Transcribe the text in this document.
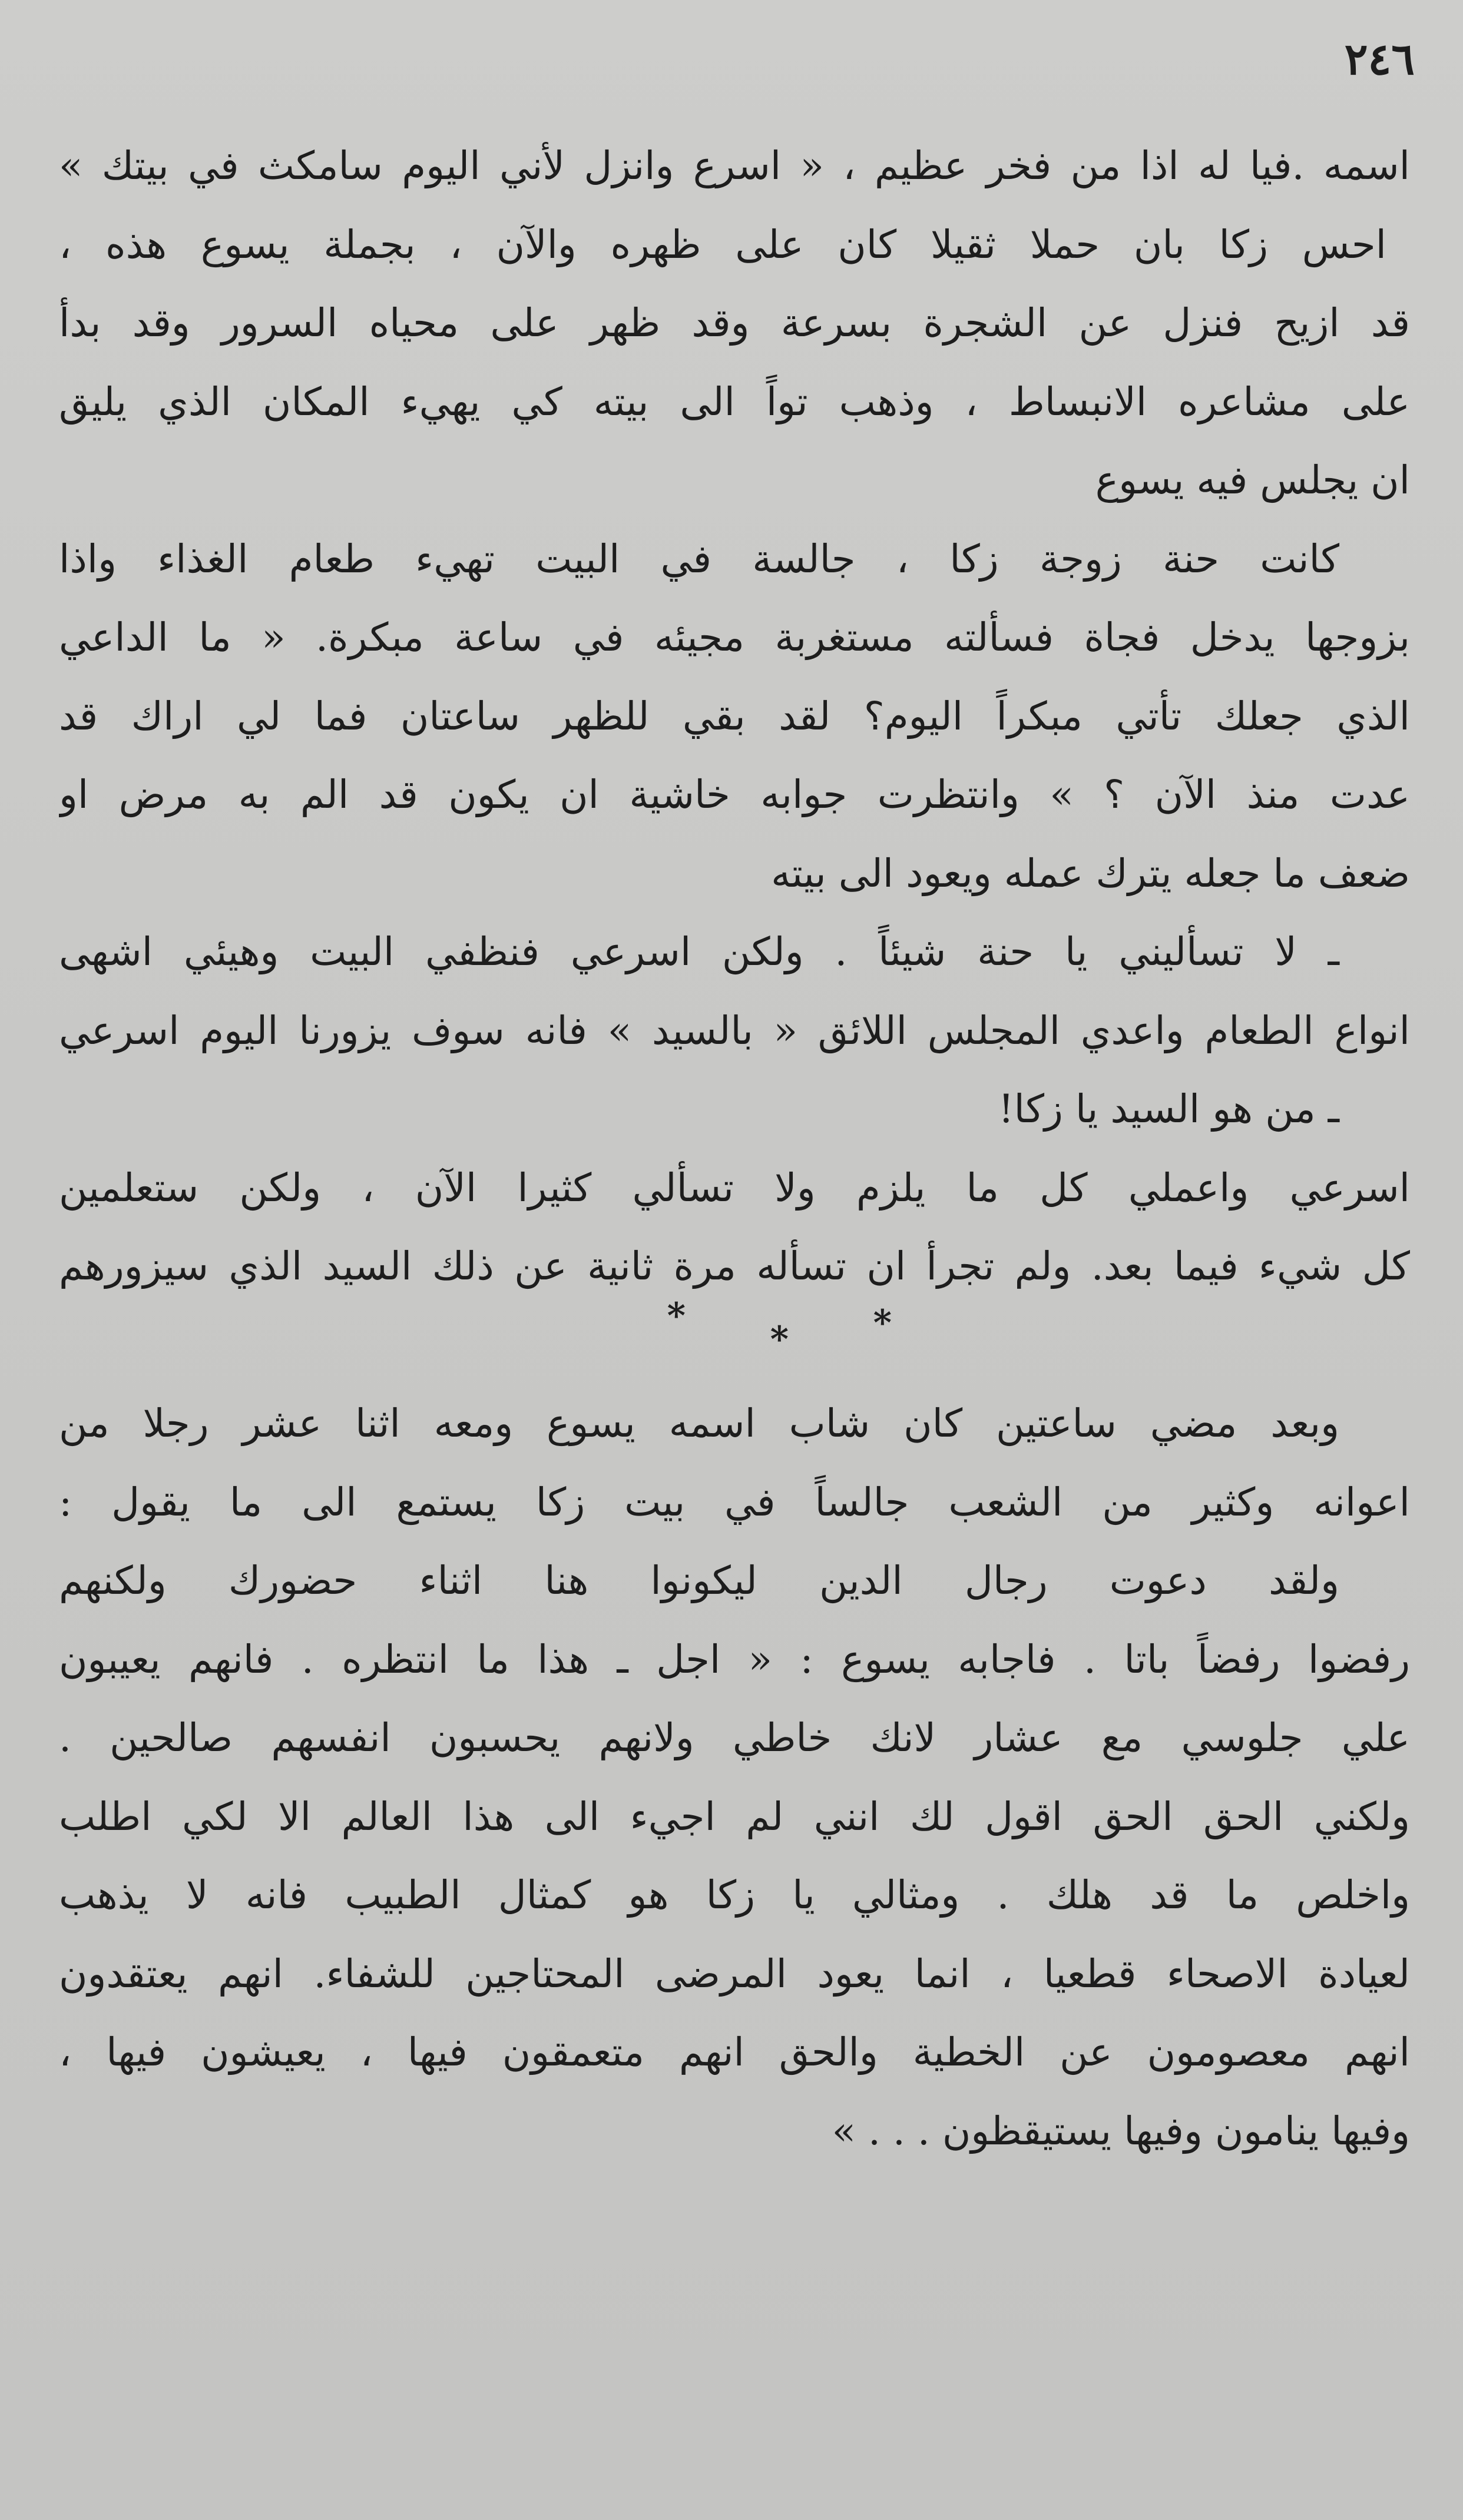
٢٤٦
اسمه .فيا له اذا من فخر عظيم ، « اسرع وانزل لأني اليوم سامكث في بيتك »
احس زكا بان حملا ثقيلا كان على ظهره والآن ، بجملة يسوع هذه ،
قد ازيح فنزل عن الشجرة بسرعة وقد ظهر على محياه السرور وقد بدأ
على مشاعره الانبساط ، وذهب تواً الى بيته كي يهيء المكان الذي يليق
ان يجلس فيه يسوع
كانت حنة زوجة زكا ، جالسة في البيت تهيء طعام الغذاء واذا
بزوجها يدخل فجاة فسألته مستغربة مجيئه في ساعة مبكرة. « ما الداعي
الذي جعلك تأتي مبكراً اليوم؟ لقد بقي للظهر ساعتان فما لي اراك قد
عدت منذ الآن ؟ » وانتظرت جوابه خاشية ان يكون قد الم به مرض او
ضعف ما جعله يترك عمله ويعود الى بيته
ـ لا تسأليني يا حنة شيئاً . ولكن اسرعي فنظفي البيت وهيئي اشهى
انواع الطعام واعدي المجلس اللائق « بالسيد » فانه سوف يزورنا اليوم اسرعي
ـ من هو السيد يا زكا!
اسرعي واعملي كل ما يلزم ولا تسألي كثيرا الآن ، ولكن ستعلمين
كل شيء فيما بعد. ولم تجرأ ان تسأله مرة ثانية عن ذلك السيد الذي سيزورهم
*
*
*
وبعد مضي ساعتين كان شاب اسمه يسوع ومعه اثنا عشر رجلا من
اعوانه وكثير من الشعب جالساً في بيت زكا يستمع الى ما يقول :
ولقد دعوت رجال الدين ليكونوا هنا اثناء حضورك ولكنهم
رفضوا رفضاً باتا . فاجابه يسوع : « اجل ـ هذا ما انتظره . فانهم يعيبون
علي جلوسي مع عشار لانك خاطي ولانهم يحسبون انفسهم صالحين .
ولكني الحق الحق اقول لك انني لم اجيء الى هذا العالم الا لكي اطلب
واخلص ما قد هلك . ومثالي يا زكا هو كمثال الطبيب فانه لا يذهب
لعيادة الاصحاء قطعيا ، انما يعود المرضى المحتاجين للشفاء. انهم يعتقدون
انهم معصومون عن الخطية والحق انهم متعمقون فيها ، يعيشون فيها ،
وفيها ينامون وفيها يستيقظون . . . »
